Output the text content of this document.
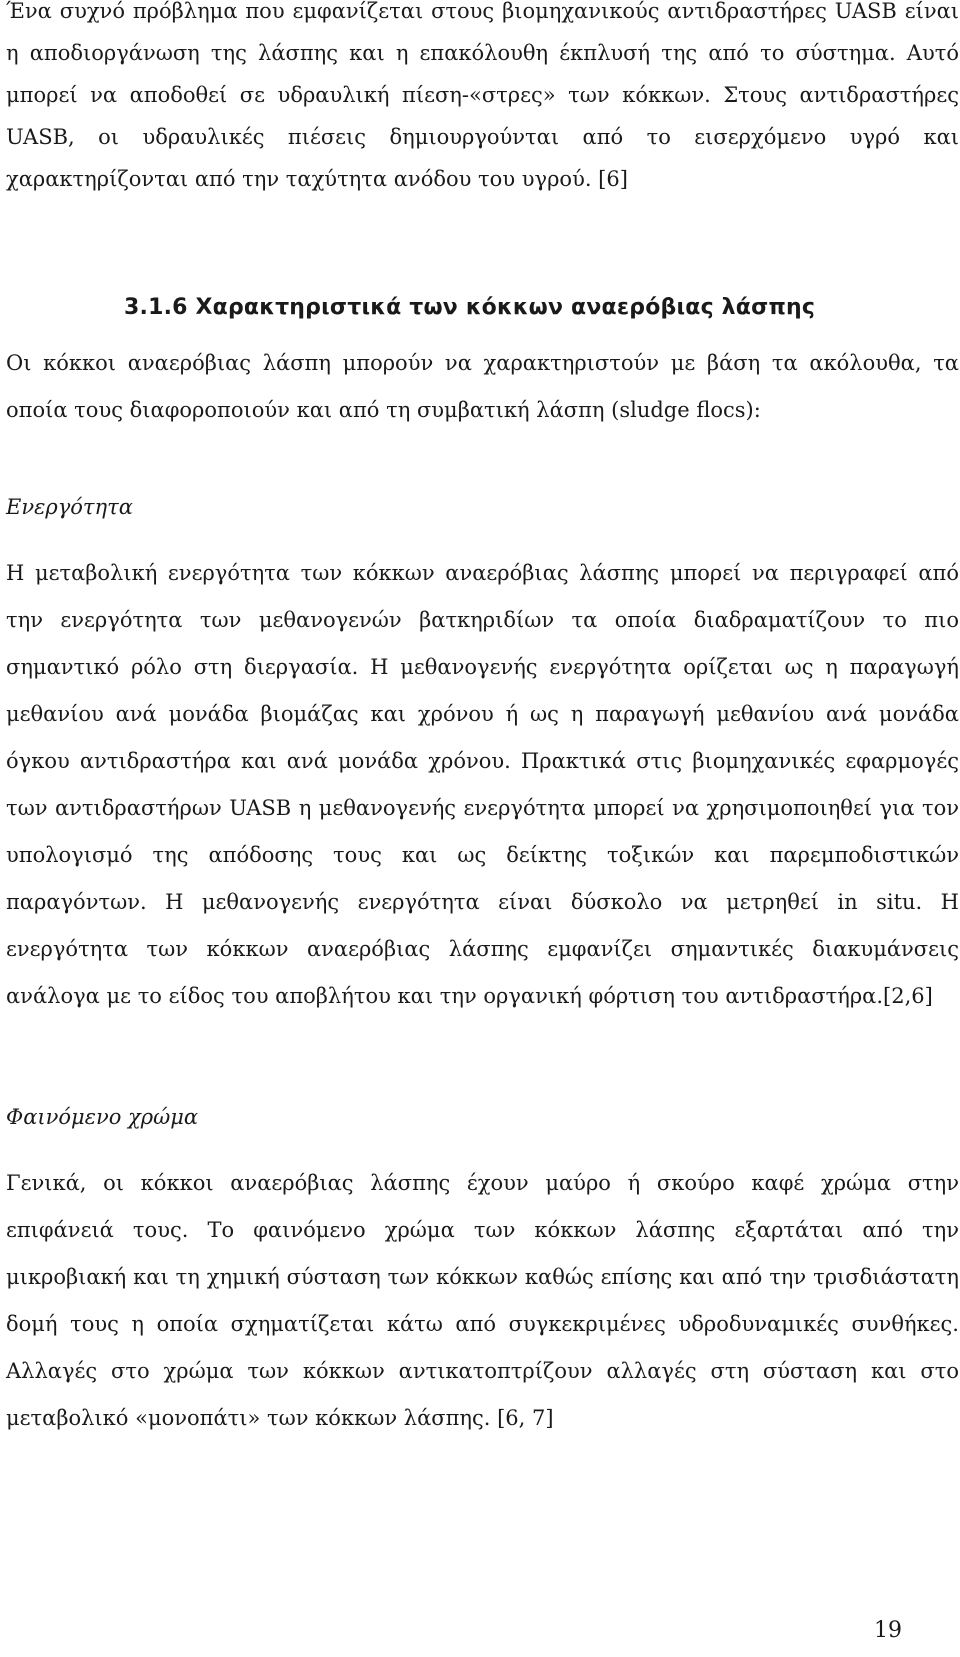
Ένα συχνό πρόβλημα που εμφανίζεται στους βιομηχανικούς αντιδραστήρες UASB είναι η αποδιοργάνωση της λάσπης και η επακόλουθη έκπλυσή της από το σύστημα. Αυτό μπορεί να αποδοθεί σε υδραυλική πίεση-«στρες» των κόκκων. Στους αντιδραστήρες UASB, οι υδραυλικές πιέσεις δημιουργούνται από το εισερχόμενο υγρό και χαρακτηρίζονται από την ταχύτητα ανόδου του υγρού. [6]

3.1.6 Χαρακτηριστικά των κόκκων αναερόβιας λάσπης

Οι κόκκοι αναερόβιας λάσπη μπορούν να χαρακτηριστούν με βάση τα ακόλουθα, τα οποία τους διαφοροποιούν και από τη συμβατική λάσπη (sludge flocs):

Ενεργότητα

Η μεταβολική ενεργότητα των κόκκων αναερόβιας λάσπης μπορεί να περιγραφεί από την ενεργότητα των μεθανογενών βατκηριδίων τα οποία διαδραματίζουν το πιο σημαντικό ρόλο στη διεργασία. Η μεθανογενής ενεργότητα ορίζεται ως η παραγωγή μεθανίου ανά μονάδα βιομάζας και χρόνου ή ως η παραγωγή μεθανίου ανά μονάδα όγκου αντιδραστήρα και ανά μονάδα χρόνου. Πρακτικά στις βιομηχανικές εφαρμογές των αντιδραστήρων UASB η μεθανογενής ενεργότητα μπορεί να χρησιμοποιηθεί για τον υπολογισμό της απόδοσης τους και ως δείκτης τοξικών και παρεμποδιστικών παραγόντων. Η μεθανογενής ενεργότητα είναι δύσκολο να μετρηθεί in situ. Η ενεργότητα των κόκκων αναερόβιας λάσπης εμφανίζει σημαντικές διακυμάνσεις ανάλογα με το είδος του αποβλήτου και την οργανική φόρτιση του αντιδραστήρα.[2,6]

Φαινόμενο χρώμα

Γενικά, οι κόκκοι αναερόβιας λάσπης έχουν μαύρο ή σκούρο καφέ χρώμα στην επιφάνειά τους. Το φαινόμενο χρώμα των κόκκων λάσπης εξαρτάται από την μικροβιακή και τη χημική σύσταση των κόκκων καθώς επίσης και από την τρισδιάστατη δομή τους η οποία σχηματίζεται κάτω από συγκεκριμένες υδροδυναμικές συνθήκες. Αλλαγές στο χρώμα των κόκκων αντικατοπτρίζουν αλλαγές στη σύσταση και στο μεταβολικό «μονοπάτι» των κόκκων λάσπης. [6, 7]

19
